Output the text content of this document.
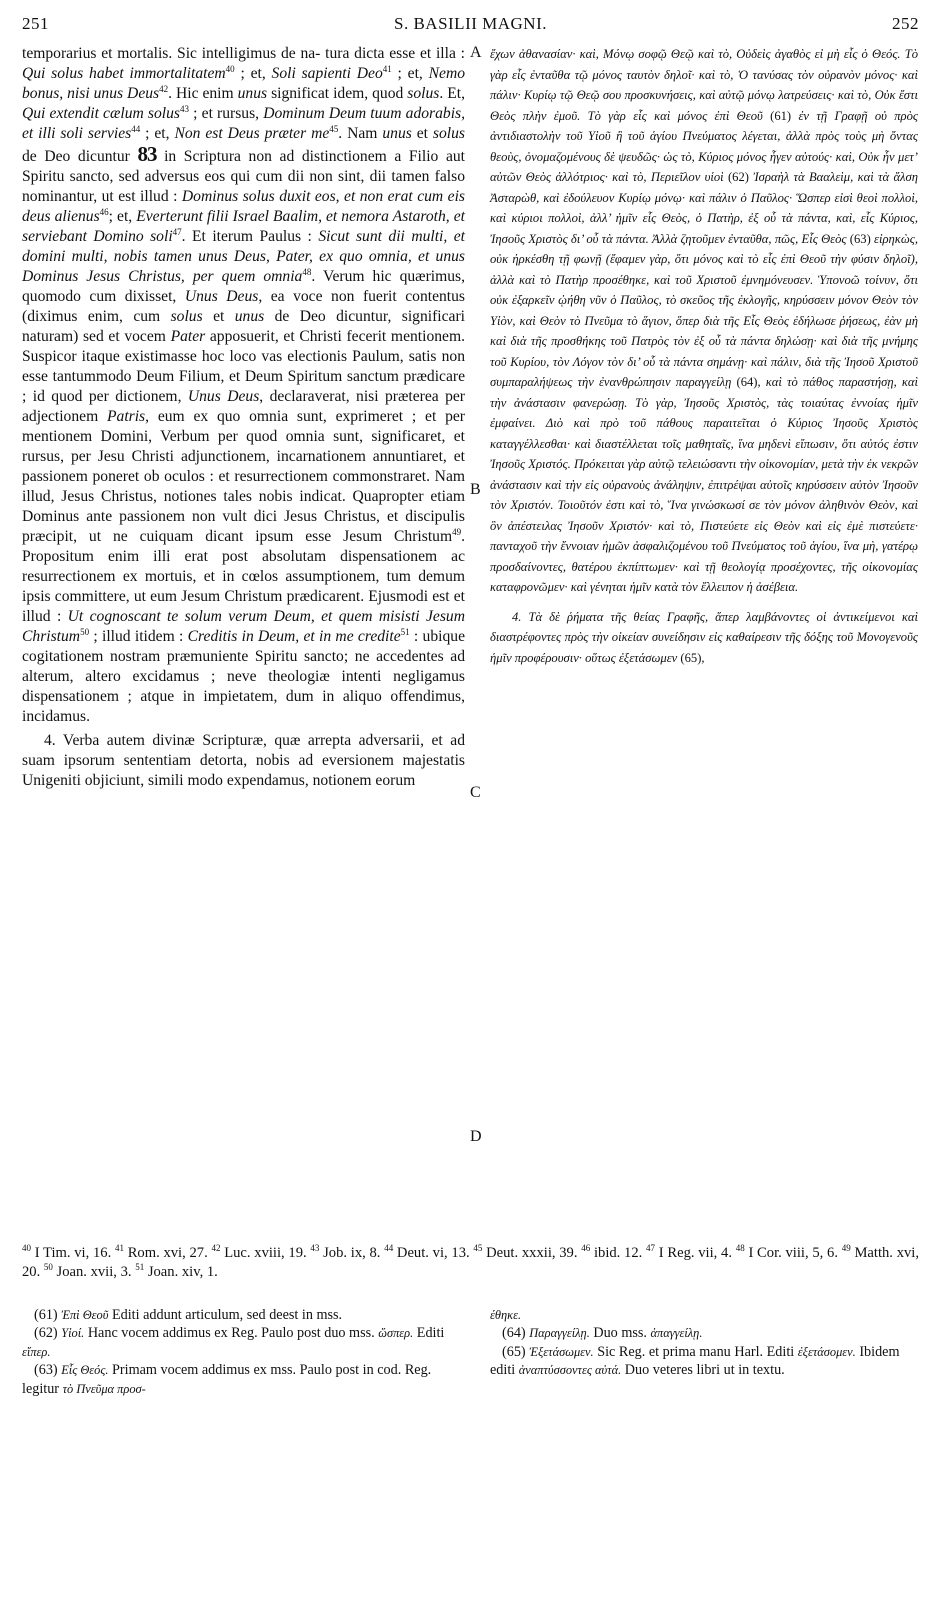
251	S. BASILII MAGNI.	252

temporarius et mortalis. Sic intelligimus de na- tura dicta esse et illa : Qui solus habet immortalitatem$^{40}$ ; et, Soli sapienti Deo$^{41}$ ; et, Nemo bonus, nisi unus Deus$^{42}$. Hic enim unus significat idem, quod solus. Et, Qui extendit cælum solus$^{43}$ ; et rursus, Dominum Deum tuum adorabis, et illi soli servies$^{44}$ ; et, Non est Deus præter $me^{45}$. Nam unus et solus de Deo dicuntur 83 in Scriptura non ad distinctionem a Filio aut Spiritu sancto, sed adversus eos qui cum dii non sint, dii tamen falso nominantur, ut est illud : Dominus solus duxit eos, et non erat cum eis deus alienus$^{46}$; et, Everterunt filii Israel Baalim, et nemora Astaroth, et serviebant Domino soli$^{47}$. Et iterum Paulus : Sicut sunt dii multi, et domini multi, nobis tamen unus Deus, Pater, ex quo omnia, et unus Dominus Jesus Christus, per quem omnia$^{48}$. Verum hic quærimus, quomodo cum dixisset, Unus Deus, ea voce non fuerit contentus (diximus enim, cum solus et unus de Deo dicuntur, significari naturam) sed et vocem Pater apposuerit, et Christi fecerit mentionem. Suspicor itaque existimasse hoc loco vas electionis Paulum, satis non esse tantummodo Deum Filium, et Deum Spiritum sanctum prædicare ; id quod per dictionem, Unus Deus, declaraverat, nisi præterea per adjectionem Patris, eum ex quo omnia sunt, exprimeret ; et per mentionem Domini, Verbum per quod omnia sunt, significaret, et rursus, per Jesu Christi adjunctionem, incarnationem annuntiaret, et passionem poneret ob oculos : et resurrectionem commonstraret. Nam illud, Jesus Christus, notiones tales nobis indicat. Quapropter etiam Dominus ante passionem non vult dici Jesus Christus, et discipulis præcipit, ut ne cuiquam dicant ipsum esse Jesum Christum$^{49}$. Propositum enim illi erat post absolutam dispensationem ac resurrectionem ex mortuis, et in cœlos assumptionem, tum demum ipsis committere, ut eum Jesum Christum prædicarent. Ejusmodi est et illud : Ut cognoscant te solum verum Deum, et quem misisti Jesum Christum$^{50}$ ; illud itidem : Creditis in Deum, et in me credite$^{51}$ : ubique cogitationem nostram præmuniente Spiritu sancto; ne accedentes ad alterum, alterο excidamus ; neve theologiæ intenti negligamus dispensationem ; atque in impietatem, dum in aliquo offendimus, incidamus.

4. Verba autem divinæ Scripturæ, quæ arrepta adversarii, et ad suam ipsorum sententiam detorta, nobis ad eversionem majestatis Unigeniti objiciunt, simili modo expendamus, notionem eorum

A
B
C
D

ἔχων ἀθανασίαν· καὶ, Μόνῳ σοφῷ Θεῷ καὶ τὸ, Οὐδεὶς ἀγαθὸς εἰ μὴ εἷς ὁ Θεός. Τὸ γὰρ εἷς ἐνταῦθα τῷ μόνος ταυτὸν δηλοῖ· καὶ τὸ, Ὁ τανύσας τὸν οὐρανὸν μόνος· καὶ πάλιν· Κυρίῳ τῷ Θεῷ σου προσκυνήσεις, καὶ αὐτῷ μόνῳ λατρεύσεις· καὶ τὸ, Οὐκ ἔστι Θεὸς πλὴν ἐμοῦ. Τὸ γὰρ εἷς καὶ μόνος ἐπὶ Θεοῦ (61) ἐν τῇ Γραφῇ οὐ πρὸς ἀντιδιαστολὴν τοῦ Υἱοῦ ἢ τοῦ ἁγίου Πνεύματος λέγεται, ἀλλὰ πρὸς τοὺς μὴ ὄντας θεοὺς, ὀνομαζομένους δὲ ψευδῶς· ὡς τὸ, Κύριος μόνος ἦγεν αὐτούς· καὶ, Οὐκ ἦν μετ’ αὐτῶν Θεὸς ἀλλότριος· καὶ τὸ, Περιεῖλον υἱοὶ (62) Ἰσραὴλ τὰ Βααλεὶμ, καὶ τὰ ἄλση Ἀσταρὼθ, καὶ ἐδούλευον Κυρίῳ μόνῳ· καὶ πάλιν ὁ Παῦλος· Ὥσπερ εἰσὶ θεοὶ πολλοὶ, καὶ κύριοι πολλοὶ, ἀλλ’ ἡμῖν εἷς Θεὸς, ὁ Πατὴρ, ἐξ οὗ τὰ πάντα, καὶ, εἷς Κύριος, Ἰησοῦς Χριστὸς δι’ οὗ τὰ πάντα. Ἀλλὰ ζητοῦμεν ἐνταῦθα, πῶς, Εἷς Θεὸς (63) εἰρηκὼς, οὐκ ἠρκέσθη τῇ φωνῇ (ἔφαμεν γὰρ, ὅτι μόνος καὶ τὸ εἷς ἐπὶ Θεοῦ τὴν φύσιν δηλοῖ), ἀλλὰ καὶ τὸ Πατὴρ προσέθηκε, καὶ τοῦ Χριστοῦ ἐμνημόνευσεν. Ὑπονοῶ τοίνυν, ὅτι οὐκ ἐξαρκεῖν ᾠήθη νῦν ὁ Παῦλος, τὸ σκεῦος τῆς ἐκλογῆς, κηρύσσειν μόνον Θεὸν τὸν Υἱὸν, καὶ Θεὸν τὸ Πνεῦμα τὸ ἅγιον, ὅπερ διὰ τῆς Εἷς Θεὸς ἐδήλωσε ῥήσεως, ἐὰν μὴ καὶ διὰ τῆς προσθήκης τοῦ Πατρὸς τὸν ἐξ οὗ τὰ πάντα δηλώσῃ· καὶ διὰ τῆς μνήμης τοῦ Κυρίου, τὸν Λόγον τὸν δι’ οὗ τὰ πάντα σημάνῃ· καὶ πάλιν, διὰ τῆς Ἰησοῦ Χριστοῦ συμπαραλήψεως τὴν ἐνανθρώπησιν παραγγείλῃ (64), καὶ τὸ πάθος παραστήσῃ, καὶ τὴν ἀνάστασιν φανερώσῃ. Τὸ γὰρ, Ἰησοῦς Χριστὸς, τὰς τοιαύτας ἐννοίας ἡμῖν ἐμφαίνει. Διὸ καὶ πρὸ τοῦ πάθους παραιτεῖται ὁ Κύριος Ἰησοῦς Χριστὸς καταγγέλλεσθαι· καὶ διαστέλλεται τοῖς μαθηταῖς, ἵνα μηδενὶ εἴπωσιν, ὅτι αὐτός ἐστιν Ἰησοῦς Χριστός. Πρόκειται γὰρ αὐτῷ τελειώσαντι τὴν οἰκονομίαν, μετὰ τὴν ἐκ νεκρῶν ἀνάστασιν καὶ τὴν εἰς οὐρανοὺς ἀνάληψιν, ἐπιτρέψαι αὐτοῖς κηρύσσειν αὐτὸν Ἰησοῦν τὸν Χριστόν. Τοιοῦτόν ἐστι καὶ τὸ, Ἵνα γινώσκωσί σε τὸν μόνον ἀληθινὸν Θεὸν, καὶ ὃν ἀπέστειλας Ἰησοῦν Χριστόν· καὶ τὸ, Πιστεύετε εἰς Θεὸν καὶ εἰς ἐμὲ πιστεύετε· πανταχοῦ τὴν ἔννοιαν ἡμῶν ἀσφαλιζομένου τοῦ Πνεύματος τοῦ ἁγίου, ἵνα μὴ, γατέρῳ προσδαίνοντες, θατέρου ἐκπίπτωμεν· καὶ τῇ θεολογίᾳ προσέχοντες, τῆς οἰκονομίας καταφρονῶμεν· καὶ γένηται ἡμῖν κατὰ τὸν ἔλλειπον ἡ ἀσέβεια.

4. Τὰ δὲ ῥήματα τῆς θείας Γραφῆς, ἅπερ λαμβάνοντες οἱ ἀντικείμενοι καὶ διαστρέφοντες πρὸς τὴν οἰκείαν συνείδησιν εἰς καθαίρεσιν τῆς δόξης τοῦ Μονογενοῦς ἡμῖν προφέρουσιν· οὕτως ἐξετάσωμεν (65),

$^{40}$ I Tim. vi, 16. $^{41}$ Rom. xvi, 27. $^{42}$ Luc. xviii, 19. $^{43}$ Job. ix, 8. $^{44}$ Deut. vi, 13. $^{45}$ Deut. xxxii, 39. $^{46}$ ibid. 12. $^{47}$ I Reg. vii, 4. $^{48}$ I Cor. viii, 5, 6. $^{49}$ Matth. xvi, 20. $^{50}$ Joan. xvii, 3. $^{51}$ Joan. xiv, 1.

(61) Ἐπὶ Θεοῦ Editi addunt articulum, sed deest in mss.

(62) Υἱοί. Hanc vocem addimus ex Reg. Paulo post duo mss. ὥσπερ. Editi εἴπερ.

(63) Εἷς Θεός. Primam vocem addimus ex mss. Paulo post in cod. Reg. legitur τὸ Πνεῦμα προσ-

έθηκε.

(64) Παραγγείλῃ. Duo mss. ἀπαγγείλῃ.

(65) Ἐξετάσωμεν. Sic Reg. et prima manu Harl. Editi ἐξετάσομεν. Ibidem editi ἀναπτύσσοντες αὐτά. Duo veteres libri ut in textu.
